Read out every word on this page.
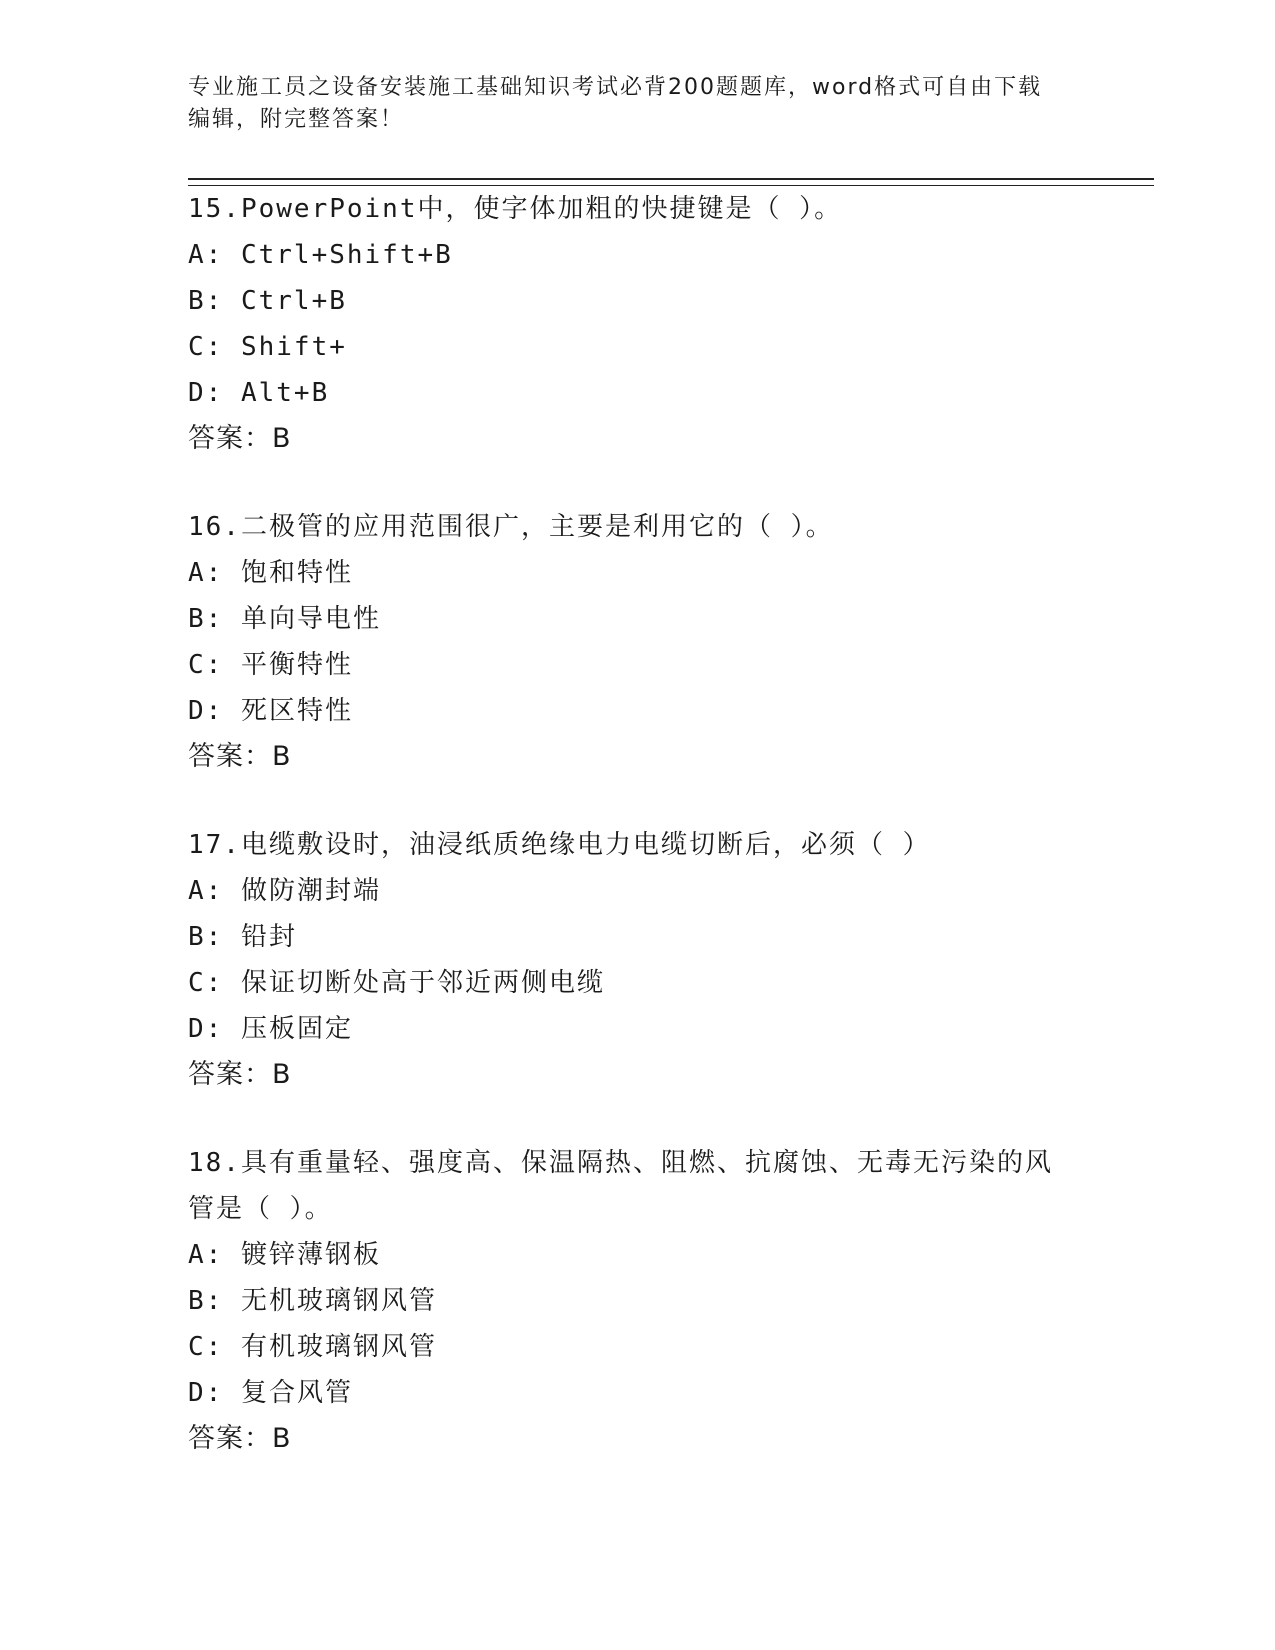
专业施工员之设备安装施工基础知识考试必背200题题库，word格式可自由下载
编辑，附完整答案！

15.PowerPoint中，使字体加粗的快捷键是（ ）。

A: Ctrl+Shift+B

B: Ctrl+B

C: Shift+

D: Alt+B

答案：B

16.二极管的应用范围很广，主要是利用它的（ ）。

A: 饱和特性

B: 单向导电性

C: 平衡特性

D: 死区特性

答案：B

17.电缆敷设时，油浸纸质绝缘电力电缆切断后，必须（ ）

A: 做防潮封端

B: 铅封

C: 保证切断处高于邻近两侧电缆

D: 压板固定

答案：B

18.具有重量轻、强度高、保温隔热、阻燃、抗腐蚀、无毒无污染的风

管是（ ）。

A: 镀锌薄钢板

B: 无机玻璃钢风管

C: 有机玻璃钢风管

D: 复合风管

答案：B
